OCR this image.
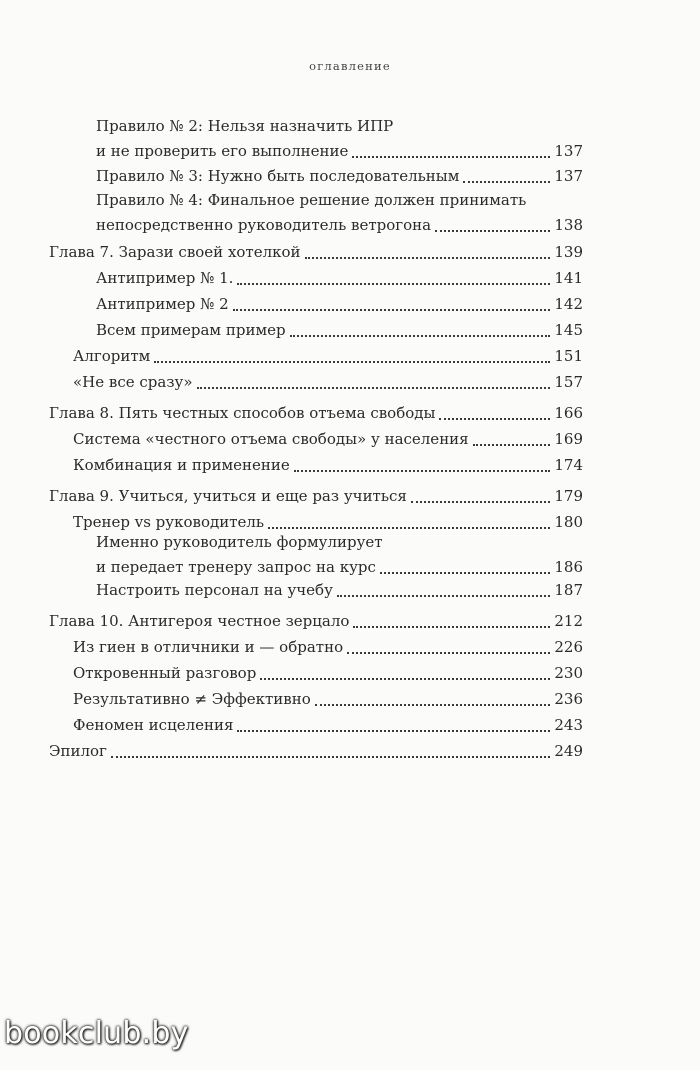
оглавление
Правило № 2: Нельзя назначить ИПР
и не проверить его выполнение	137
Правило № 3: Нужно быть последовательным	137
Правило № 4: Финальное решение должен принимать
непосредственно руководитель ветрогона	138
Глава 7. Зарази своей хотелкой	139
Антипример № 1.	141
Антипример № 2	142
Всем примерам пример	145
Алгоритм	151
«Не все сразу»	157
Глава 8. Пять честных способов отъема свободы	166
Система «честного отъема свободы» у населения	169
Комбинация и применение	174
Глава 9. Учиться, учиться и еще раз учиться	179
Тренер vs руководитель	180
Именно руководитель формулирует
и передает тренеру запрос на курс	186
Настроить персонал на учебу	187
Глава 10. Антигероя честное зерцало	212
Из гиен в отличники и — обратно	226
Откровенный разговор	230
Результативно ≠ Эффективно	236
Феномен исцеления	243
Эпилог	249
bookclub.by
